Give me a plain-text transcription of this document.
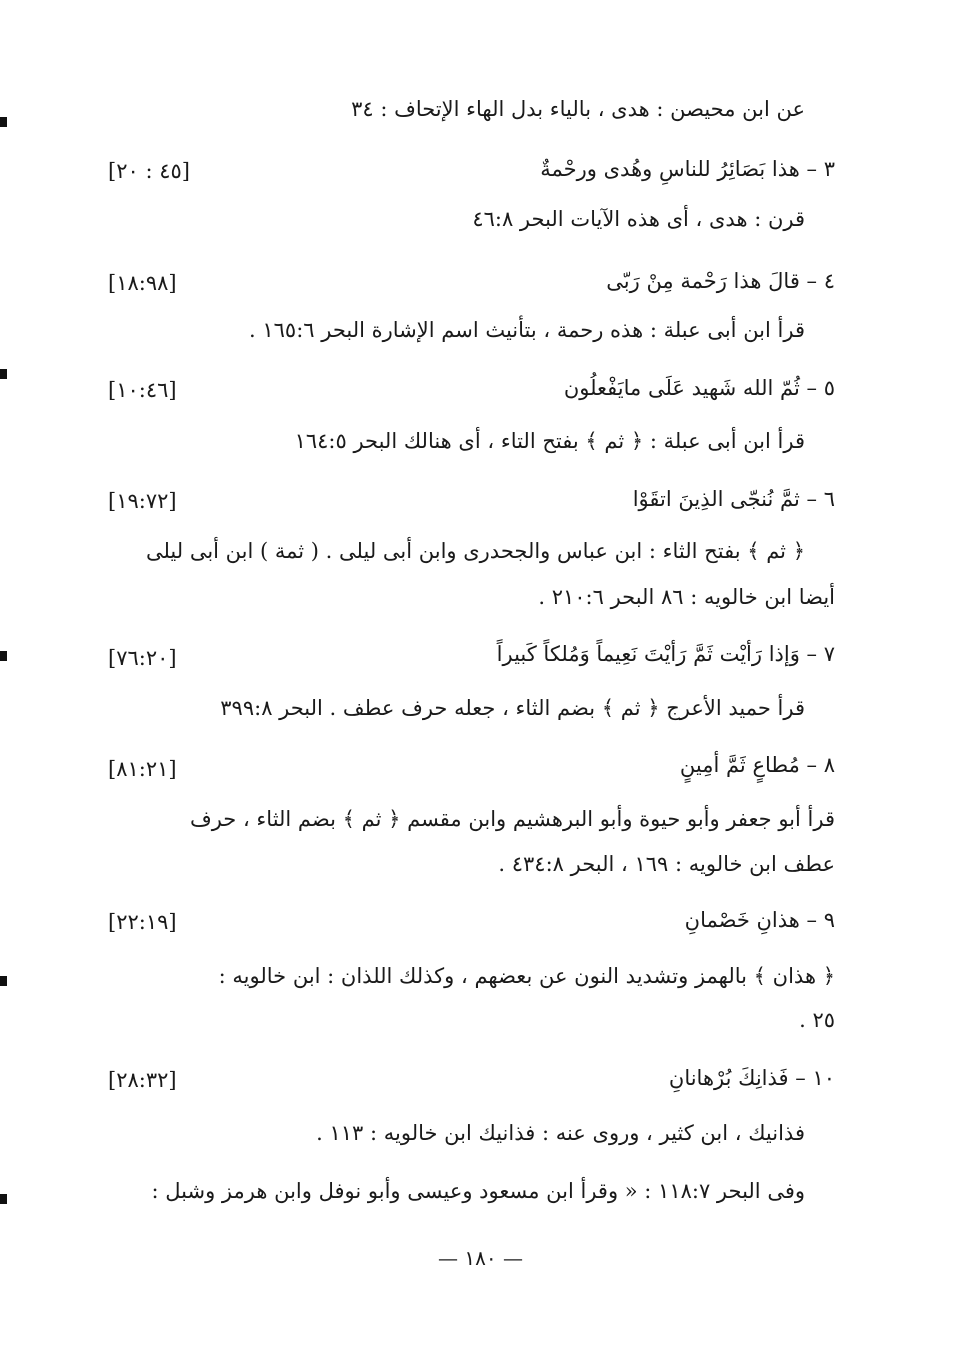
عن ابن محيصن : هدى ، بالياء بدل الهاء الإتحاف : ٣٤
٣ – هذا بَصَائِرُ للناسِ وهُدى ورحْمةٌ
[٤٥ : ٢٠]
قرن : هدى ، أى هذه الآيات البحر ٤٦:٨
٤ – قالَ هذا رَحْمة مِنْ رَبّى
[١٨:٩٨]
قرأ ابن أبى عبلة : هذه رحمة ، بتأنيث اسم الإشارة البحر ١٦٥:٦ .
٥ – ثُمّ الله شَهيد عَلَى مايَفْعلُون
[١٠:٤٦]
قرأ ابن أبى عبلة : ﴿ ثم ﴾ بفتح التاء ، أى هنالك البحر ١٦٤:٥
٦ – ثمَّ نُنجّى الذِينَ اتقَوْا
[١٩:٧٢]
﴿ ثم ﴾ بفتح الثاء : ابن عباس والجحدرى وابن أبى ليلى . ( ثمة ) ابن أبى ليلى
أيضا ابن خالويه : ٨٦ البحر ٢١٠:٦ .
٧ – وَإذا رَأيْت ثَمَّ رَأيْتَ نَعِيماً وَمُلكاً كَبيراً
[٧٦:٢٠]
قرأ حميد الأعرج ﴿ ثم ﴾ بضم الثاء ، جعله حرف عطف . البحر ٣٩٩:٨
٨ – مُطاعٍ ثَمَّ أمِينٍ
[٨١:٢١]
قرأ أبو جعفر وأبو حيوة وأبو البرهشيم وابن مقسم ﴿ ثم ﴾ بضم الثاء ، حرف
عطف ابن خالويه : ١٦٩ ، البحر ٤٣٤:٨ .
٩ – هذانِ خَصْمانِ
[٢٢:١٩]
﴿ هذان ﴾ بالهمز وتشديد النون عن بعضهم ، وكذلك اللذان : ابن خالويه :
٢٥ .
١٠ – فَذانِكَ بُرْهانانِ
[٢٨:٣٢]
فذانيك ، ابن كثير ، وروى عنه : فذانيك ابن خالويه : ١١٣ .
وفى البحر ١١٨:٧ : « وقرأ ابن مسعود وعيسى وأبو نوفل وابن هرمز وشبل :
— ١٨٠ —
